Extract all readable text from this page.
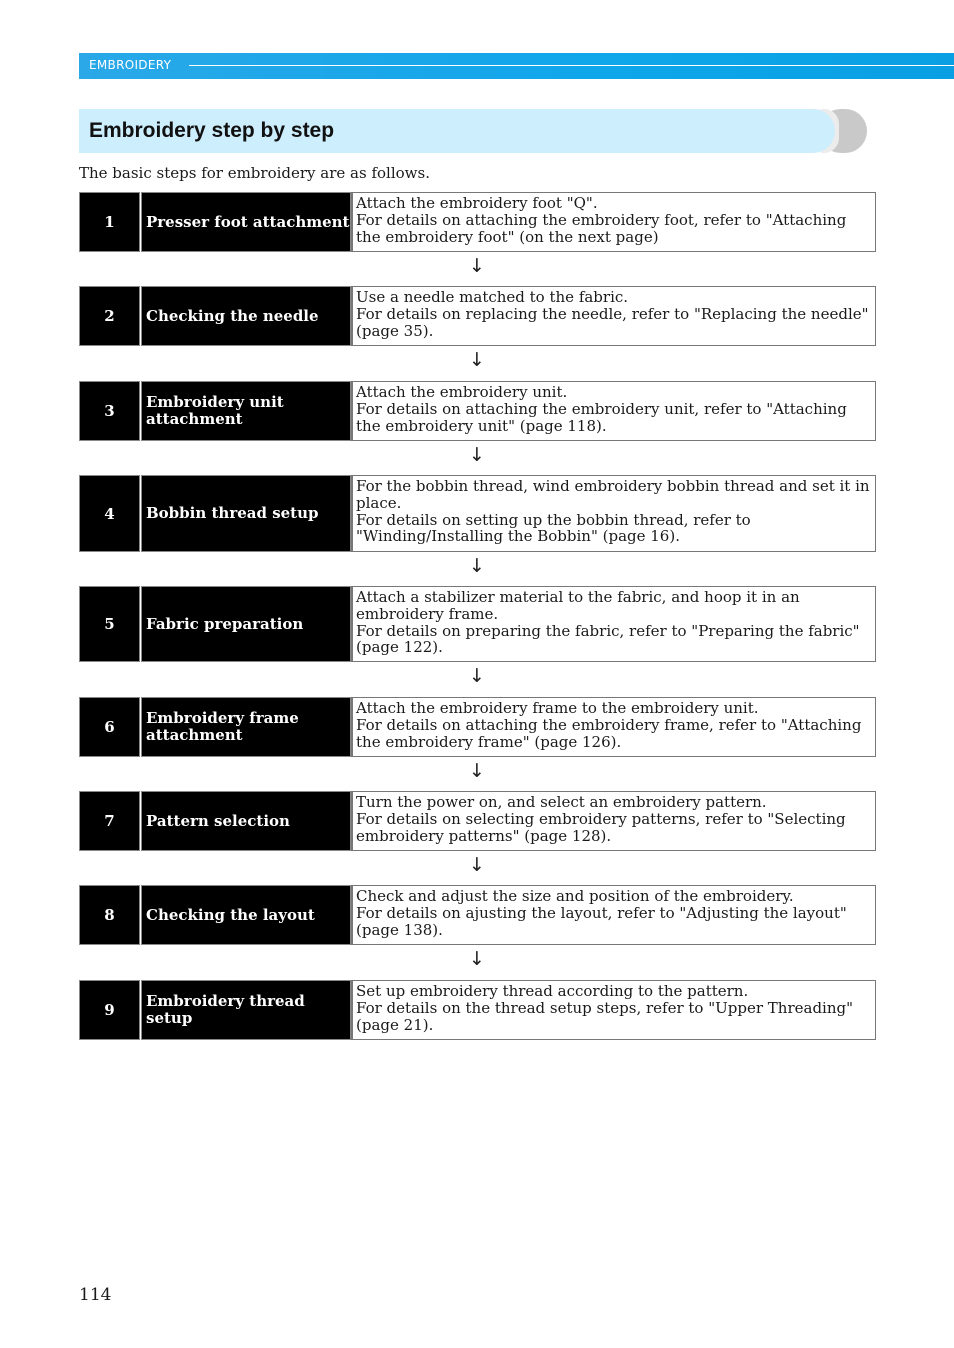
EMBROIDERY
Embroidery step by step
The basic steps for embroidery are as follows.
1	Presser foot attachment
Attach the embroidery foot "Q".
For details on attaching the embroidery foot, refer to "Attaching the embroidery foot" (on the next page)
↓
2	Checking the needle
Use a needle matched to the fabric.
For details on replacing the needle, refer to "Replacing the needle" (page 35).
↓
3	Embroidery unit attachment
Attach the embroidery unit.
For details on attaching the embroidery unit, refer to "Attaching the embroidery unit" (page 118).
↓
4	Bobbin thread setup
For the bobbin thread, wind embroidery bobbin thread and set it in place.
For details on setting up the bobbin thread, refer to "Winding/Installing the Bobbin" (page 16).
↓
5	Fabric preparation
Attach a stabilizer material to the fabric, and hoop it in an embroidery frame.
For details on preparing the fabric, refer to "Preparing the fabric" (page 122).
↓
6	Embroidery frame attachment
Attach the embroidery frame to the embroidery unit.
For details on attaching the embroidery frame, refer to "Attaching the embroidery frame" (page 126).
↓
7	Pattern selection
Turn the power on, and select an embroidery pattern.
For details on selecting embroidery patterns, refer to "Selecting embroidery patterns" (page 128).
↓
8	Checking the layout
Check and adjust the size and position of the embroidery.
For details on ajusting the layout, refer to "Adjusting the layout" (page 138).
↓
9	Embroidery thread setup
Set up embroidery thread according to the pattern.
For details on the thread setup steps, refer to "Upper Threading" (page 21).
114
